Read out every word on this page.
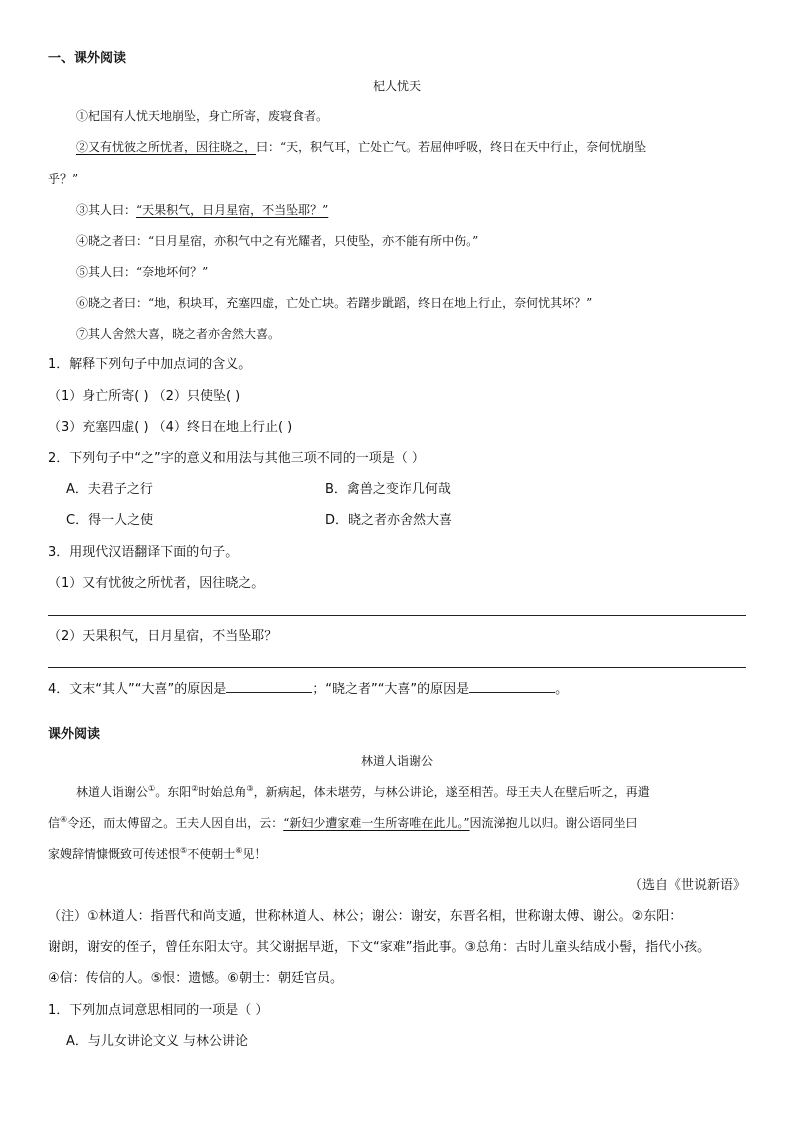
一、课外阅读
杞人忧天
①杞国有人忧天地崩坠，身亡所寄，废寝食者。
②又有忧彼之所忧者，因往晓之，曰：“天，积气耳，亡处亡气。若屈伸呼吸，终日在天中行止，奈何忧崩坠
乎？”
③其人曰：“天果积气，日月星宿，不当坠耶？”
④晓之者曰：“日月星宿，亦积气中之有光耀者，只使坠，亦不能有所中伤。”
⑤其人曰：“奈地坏何？”
⑥晓之者曰：“地，积块耳，充塞四虚，亡处亡块。若躇步跐蹈，终日在地上行止，奈何忧其坏？”
⑦其人舍然大喜，晓之者亦舍然大喜。
1．解释下列句子中加点词的含义。
（1）身亡所寄( ) （2）只使坠( )
（3）充塞四虚( ) （4）终日在地上行止( )
2．下列句子中“之”字的意义和用法与其他三项不同的一项是（ ）
A．夫君子之行	B．禽兽之变诈几何哉
C．得一人之使	D．晓之者亦舍然大喜
3．用现代汉语翻译下面的句子。
（1）又有忧彼之所忧者，因往晓之。
（2）天果积气，日月星宿，不当坠耶？
4．文末“其人”“大喜”的原因是	；“晓之者”“大喜”的原因是	。
课外阅读
林道人诣谢公
林道人诣谢公①。东阳②时始总角③，新病起，体未堪劳，与林公讲论，遂至相苦。母王夫人在壁后听之，再遣
信④令还，而太傅留之。王夫人因自出，云：“新妇少遭家难一生所寄唯在此儿。”因流涕抱儿以归。谢公语同坐曰
家嫂辞情慷慨致可传述恨⑤不使朝士⑥见！
（选自《世说新语》
（注）①林道人：指晋代和尚支遁，世称林道人、林公；谢公：谢安，东晋名相，世称谢太傅、谢公。②东阳：
谢朗，谢安的侄子，曾任东阳太守。其父谢据早逝，下文“家难”指此事。③总角：古时儿童头结成小髻，指代小孩。
④信：传信的人。⑤恨：遗憾。⑥朝士：朝廷官员。
1．下列加点词意思相同的一项是（ ）
A．与儿女讲论文义 与林公讲论
